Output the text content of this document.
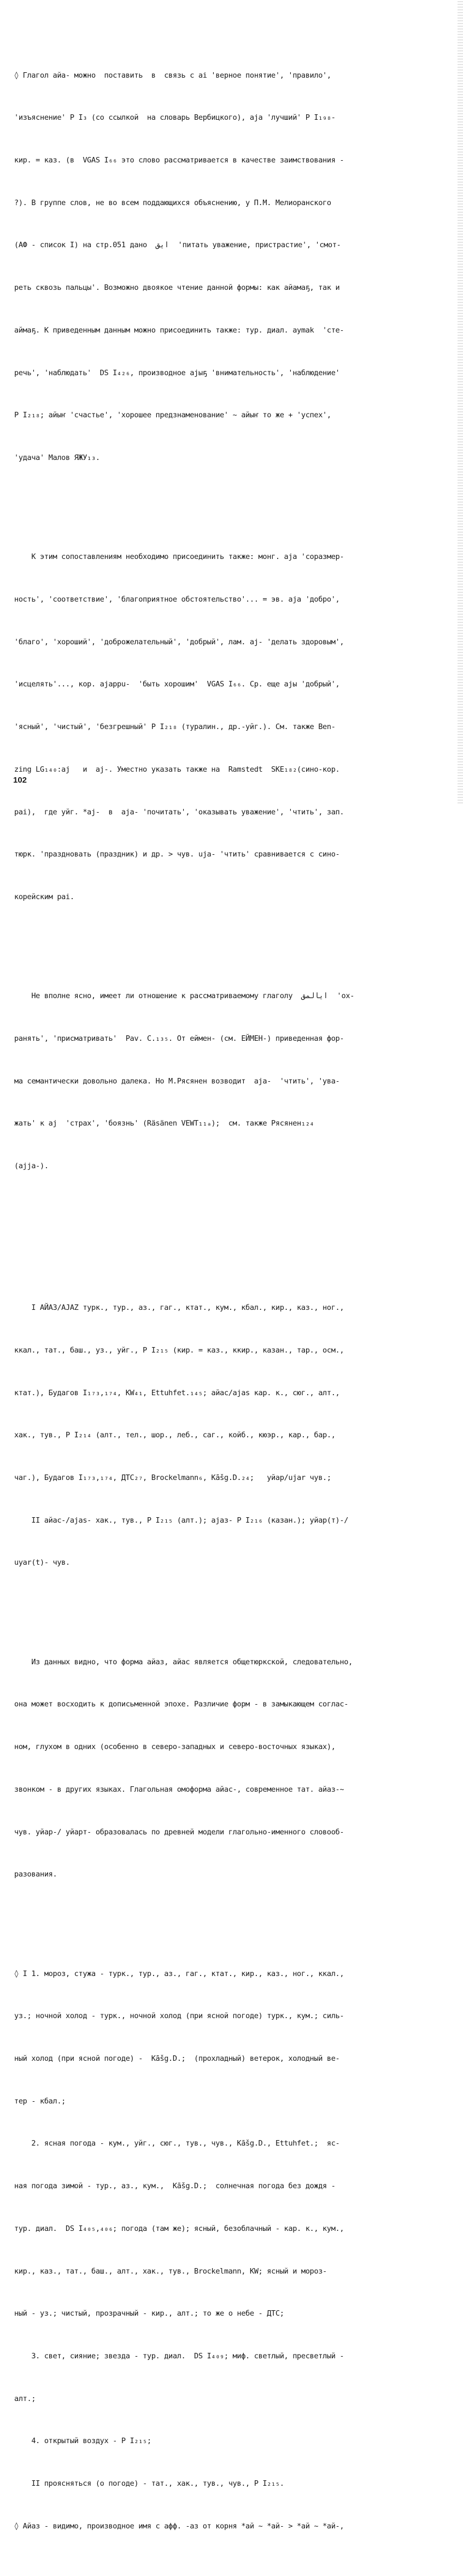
◊ Глагол айа- можно  поставить  в  связь с аi 'верное понятие', 'правило',

'изъяснение' Р I₃ (со ссылкой  на словарь Вербицкого), аjа 'лучший' Р I₁₉₈-

кир. = каз. (в  VGAS I₆₆ это слово рассматривается в качестве заимствования -

?). В группе слов, не во всем поддающихся объяснению, у П.М. Мелиоранского

(АФ - список I) на стр.051 дано  ايق  'питать уважение, пристрастие', 'смот-

реть сквозь пальцы'. Возможно двоякое чтение данной формы: как айамаҕ, так и

аймаҕ. К приведенным данным можно присоединить также: тур. диал. aymak  'сте-

речь', 'наблюдать'  DS I₄₂₆, производное аjыҕ 'внимательность', 'наблюдение'

Р I₂₁₈; айыҥ 'счастье', 'хорошее предзнаменование' ~ айыҥ то же + 'успех',

'удача' Малов ЯЖУ₁₃.

К этим сопоставлениям необходимо присоединить также: монг. аjа 'соразмер-

ность', 'соответствие', 'благоприятное обстоятельство'... = эв. аjа 'добро',

'благо', 'хороший', 'доброжелательный', 'добрый', лам. аj- 'делать здоровым',

'исцелять'..., кор. ajappu-  'быть хорошим'  VGAS I₆₆. Ср. еще аjы 'добрый',

'ясный', 'чистый', 'безгрешный' Р I₂₁₈ (туралин., др.-уйг.). См. также Ben-

zing LG₁₄₀:aj   и  aj-. Уместно указать также на  Ramstedt  SKE₁₈₂(сино-кор.

pai),  где уйг. *aj-  в  aja- 'почитать', 'оказывать уважение', 'чтить', зап.

тюрк. 'праздновать (праздник) и др. > чув. uja- 'чтить' сравнивается с сино-

корейским pai.

Не вполне ясно, имеет ли отношение к рассматриваемому глаголу  ايالمق  'ох-

ранять', 'присматривать'  Pav. C.₁₃₅. От еймен- (см. ЕЙМЕН-) приведенная фор-

ма семантически довольно далека. Но М.Рясянен возводит  aja-  'чтить', 'ува-

жать' к aj  'страх', 'боязнь' (Räsänen VEWT₁₁ₐ);  см. также Рясянен₁₂₄

(ajja-).

I АЙАЗ/AJAZ турк., тур., аз., гаг., ктат., кум., кбал., кир., каз., ног.,

ккал., тат., баш., уз., уйг., Р I₂₁₅ (кир. = каз., ккир., казан., тар., осм.,

ктат.), Будагов I₁₇₃,₁₇₄, KW₄₁, Ettuhfet.₁₄₅; айас/ajas кар. к., сюг., алт.,

хак., тув., Р I₂₁₄ (алт., тел., шор., леб., саг., койб., кюэр., кар., бар.,

чаг.), Будагов I₁₇₃,₁₇₄, ДТС₂₇, Brockelmann₆, Kāšg.D.₂₄;   уйар/ujar чув.;

II айас-/ajas- хак., тув., Р I₂₁₅ (алт.); аjаз- Р I₂₁₆ (казан.); уйар(т)-/

uyar(t)- чув.

Из данных видно, что форма айаз, айас является общетюркской, следовательно,

она может восходить к дописьменной эпохе. Различие форм - в замыкающем соглас-

ном, глухом в одних (особенно в северо-западных и северо-восточных языках),

звонком - в других языках. Глагольная омоформа айас-, современное тат. айаз-~

чув. уйар-/ уйарт- образовалась по древней модели глагольно-именного словооб-

разования.

◊ I 1. мороз, стужа - турк., тур., аз., гаг., ктат., кир., каз., ног., ккал.,

уз.; ночной холод - турк., ночной холод (при ясной погоде) турк., кум.; силь-

ный холод (при ясной погоде) -  Kāšg.D.;  (прохладный) ветерок, холодный ве-

тер - кбал.;

2. ясная погода - кум., уйг., сюг., тув., чув., Kāšg.D., Ettuhfet.;  яс-

ная погода зимой - тур., аз., кум.,  Kāšg.D.;  солнечная погода без дождя -

тур. диал.  DS I₄₀₅,₄₀₆; погода (там же); ясный, безоблачный - кар. к., кум.,

кир., каз., тат., баш., алт., хак., тув., Brockelmann, KW; ясный и мороз-

ный - уз.; чистый, прозрачный - кир., алт.; то же о небе - ДТС;

3. свет, сияние; звезда - тур. диал.  DS I₄₀₉; миф. светлый, пресветлый -

алт.;

4. открытый воздух - Р I₂₁₅;

II проясняться (о погоде) - тат., хак., тув., чув., Р I₂₁₅.

◊ Айаз - видимо, производное имя с афф. -аз от корня *ай ~ *ай- > *ай ~ *ай-,

102
